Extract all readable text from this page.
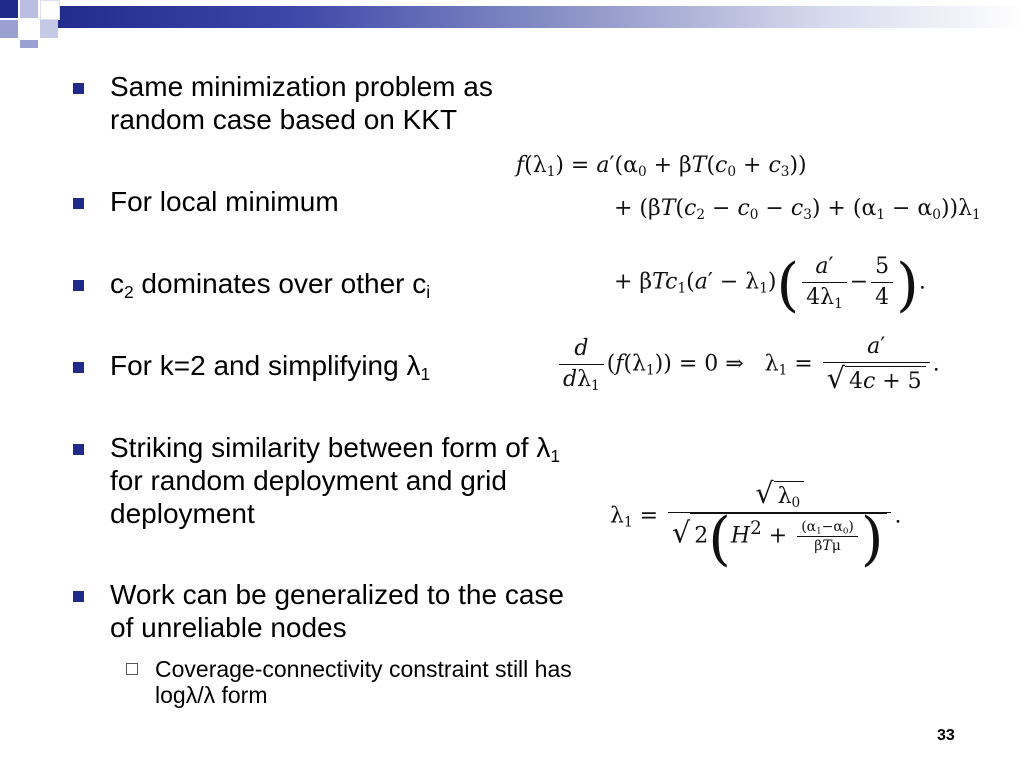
Same minimization problem as random case based on KKT
For local minimum
$c_2$ dominates over other $c_i$
For k=2 and simplifying $\lambda_1$
Striking similarity between form of $\lambda_1$ for random deployment and grid deployment
Work can be generalized to the case of unreliable nodes
Coverage-connectivity constraint still has logλ/λ form
$f(\lambda_1) = a'(\alpha_0 + \beta T(c_0 + c_3))$
+ $(\beta T(c_2 - c_0 - c_3) + (\alpha_1 - \alpha_0))\lambda_1$
+ $\beta Tc_1(a' - \lambda_1)( \frac{a'}{4\lambda_1} - \frac{5}{4}$ ).
$\frac{d}{d\lambda_1} (f(\lambda_1)) = 0$ ⇒   $\lambda_1 = \frac{a'}{√ 4c + 5}$ .
$\lambda_1 = \frac{√ \lambda_0}{√ 2(H^2 + \frac{(\alpha_1-\alpha_0)}{\text{βTμ}} )}$ .
33
